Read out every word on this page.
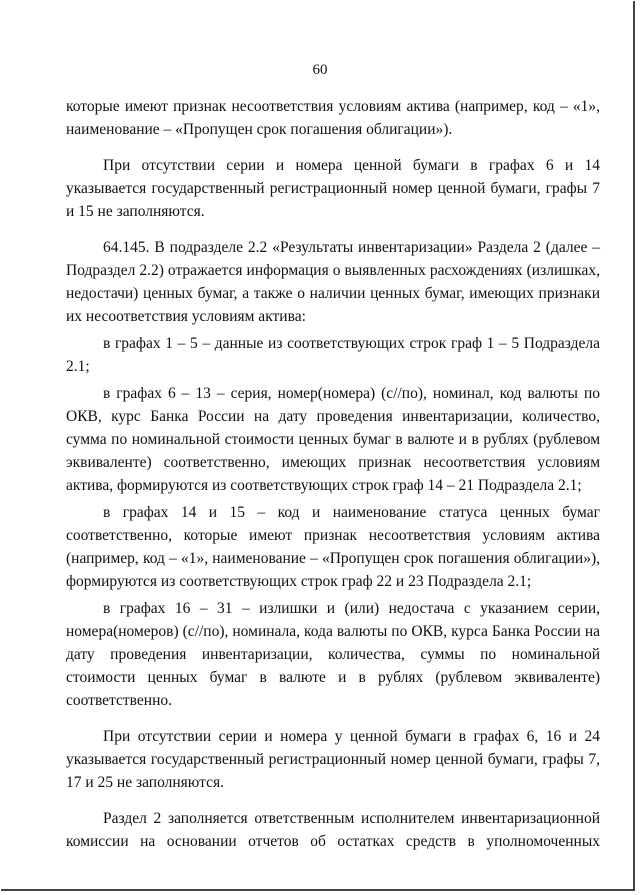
60

которые имеют признак несоответствия условиям актива (например, код – «1», наименование – «Пропущен срок погашения облигации»).

При отсутствии серии и номера ценной бумаги в графах 6 и 14 указывается государственный регистрационный номер ценной бумаги, графы 7 и 15 не заполняются.

64.145. В подразделе 2.2 «Результаты инвентаризации» Раздела 2 (далее – Подраздел 2.2) отражается информация о выявленных расхождениях (излишках, недостачи) ценных бумаг, а также о наличии ценных бумаг, имеющих признаки их несоответствия условиям актива:

в графах 1 – 5 – данные из соответствующих строк граф 1 – 5 Подраздела 2.1;

в графах 6 – 13 – серия, номер(номера) (с//по), номинал, код валюты по ОКВ, курс Банка России на дату проведения инвентаризации, количество, сумма по номинальной стоимости ценных бумаг в валюте и в рублях (рублевом эквиваленте) соответственно, имеющих признак несоответствия условиям актива, формируются из соответствующих строк граф 14 – 21 Подраздела 2.1;

в графах 14 и 15 – код и наименование статуса ценных бумаг соответственно, которые имеют признак несоответствия условиям актива (например, код – «1», наименование – «Пропущен срок погашения облигации»), формируются из соответствующих строк граф 22 и 23 Подраздела 2.1;

в графах 16 – 31 – излишки и (или) недостача с указанием серии, номера(номеров) (с//по), номинала, кода валюты по ОКВ, курса Банка России на дату проведения инвентаризации, количества, суммы по номинальной стоимости ценных бумаг в валюте и в рублях (рублевом эквиваленте) соответственно.

При отсутствии серии и номера у ценной бумаги в графах 6, 16 и 24 указывается государственный регистрационный номер ценной бумаги, графы 7, 17 и 25 не заполняются.

Раздел 2 заполняется ответственным исполнителем инвентаризационной комиссии на основании отчетов об остатках средств в уполномоченных
